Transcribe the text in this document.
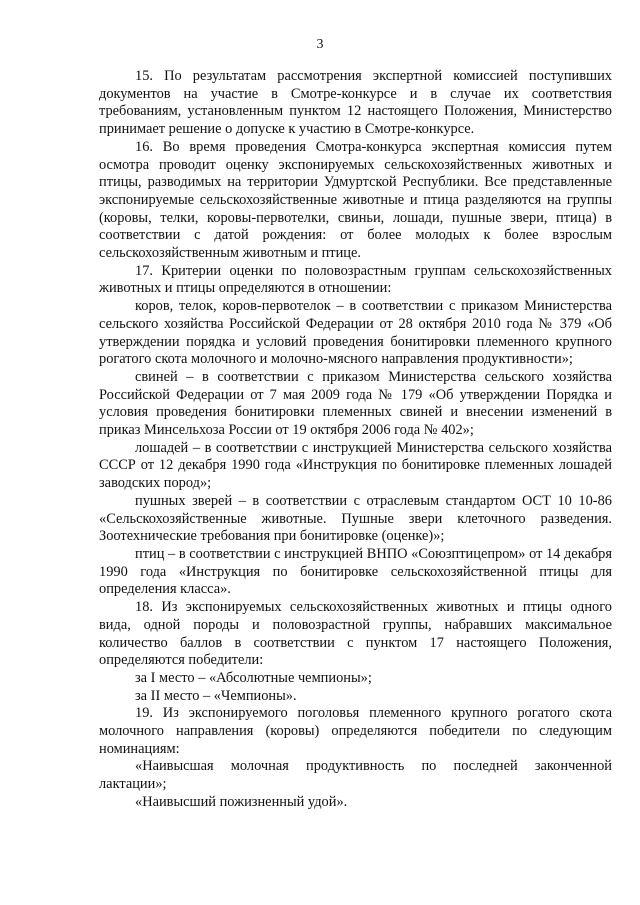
3

15. По результатам рассмотрения экспертной комиссией поступивших документов на участие в Смотре-конкурсе и в случае их соответствия требованиям, установленным пунктом 12 настоящего Положения, Министерство принимает решение о допуске к участию в Смотре-конкурсе.

16. Во время проведения Смотра-конкурса экспертная комиссия путем осмотра проводит оценку экспонируемых сельскохозяйственных животных и птицы, разводимых на территории Удмуртской Республики. Все представленные экспонируемые сельскохозяйственные животные и птица разделяются на группы (коровы, телки, коровы-первотелки, свиньи, лошади, пушные звери, птица) в соответствии с датой рождения: от более молодых к более взрослым сельскохозяйственным животным и птице.

17. Критерии оценки по половозрастным группам сельскохозяйственных животных и птицы определяются в отношении:

коров, телок, коров-первотелок – в соответствии с приказом Министерства сельского хозяйства Российской Федерации от 28 октября 2010 года № 379 «Об утверждении порядка и условий проведения бонитировки племенного крупного рогатого скота молочного и молочно-мясного направления продуктивности»;

свиней – в соответствии с приказом Министерства сельского хозяйства Российской Федерации от 7 мая 2009 года № 179 «Об утверждении Порядка и условия проведения бонитировки племенных свиней и внесении изменений в приказ Минсельхоза России от 19 октября 2006 года № 402»;

лошадей – в соответствии с инструкцией Министерства сельского хозяйства СССР от 12 декабря 1990 года «Инструкция по бонитировке племенных лошадей заводских пород»;

пушных зверей – в соответствии с отраслевым стандартом ОСТ 10 10-86 «Сельскохозяйственные животные. Пушные звери клеточного разведения. Зоотехнические требования при бонитировке (оценке)»;

птиц – в соответствии с инструкцией ВНПО «Союзптицепром» от 14 декабря 1990 года «Инструкция по бонитировке сельскохозяйственной птицы для определения класса».

18. Из экспонируемых сельскохозяйственных животных и птицы одного вида, одной породы и половозрастной группы, набравших максимальное количество баллов в соответствии с пунктом 17 настоящего Положения, определяются победители:

за I место – «Абсолютные чемпионы»;

за II место – «Чемпионы».

19. Из экспонируемого поголовья племенного крупного рогатого скота молочного направления (коровы) определяются победители по следующим номинациям:

«Наивысшая молочная продуктивность по последней законченной лактации»;

«Наивысший пожизненный удой».
